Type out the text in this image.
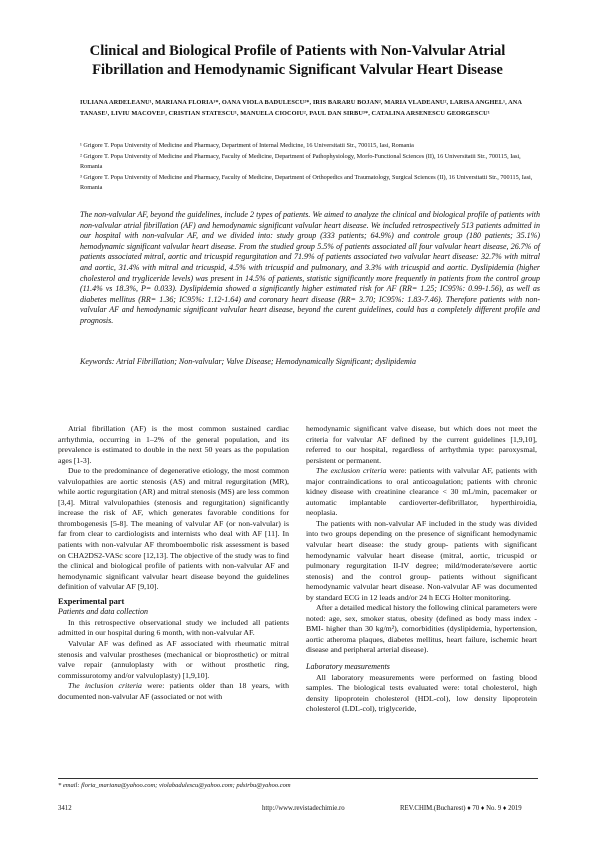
Clinical and Biological Profile of Patients with Non-Valvular Atrial Fibrillation and Hemodynamic Significant Valvular Heart Disease
IULIANA ARDELEANU¹, MARIANA FLORIA¹*, OANA VIOLA BADULESCU²*, IRIS BARARU BOJAN², MARIA VLADEANU², LARISA ANGHEL¹, ANA TANASE¹, LIVIU MACOVEI¹, CRISTIAN STATESCU¹, MANUELA CIOCOIU², PAUL DAN SIRBU³*, CATALINA ARSENESCU GEORGESCU¹

¹ Grigore T. Popa University of Medicine and Pharmacy, Department of Internal Medicine, 16 Universitatii Str., 700115, Iasi, Romania

² Grigore T. Popa University of Medicine and Pharmacy, Faculty of Medicine, Department of Pathophysiology, Morfo-Functional Sciences (II), 16 Universitatii Str., 700115, Iasi, Romania

³ Grigore T. Popa University of Medicine and Pharmacy, Faculty of Medicine, Department of Orthopedics and Traumatology, Surgical Sciences (II), 16 Universitatii Str., 700115, Iasi, Romania

The non-valvular AF, beyond the guidelines, include 2 types of patients. We aimed to analyze the clinical and biological profile of patients with non-valvular atrial fibrillation (AF) and hemodynamic significant valvular heart disease. We included retrospectively 513 patients admitted in our hospital with non-valvular AF, and we divided into: study group (333 patients; 64.9%) and controle group (180 patients; 35.1%) hemodynamic significant valvular heart disease. From the studied group 5.5% of patients associated all four valvular heart disease, 26.7% of patients associated mitral, aortic and tricuspid regurgitation and 71.9% of patients associated two valvular heart disease: 32.7% with mitral and aortic, 31.4% with mitral and tricuspid, 4.5% with tricuspid and pulmonary, and 3.3% with tricuspid and aortic. Dyslipidemia (higher cholesterol and trygliceride levels) was present in 14.5% of patients, statistic significantly more frequently in patients from the control group (11.4% vs 18.3%, P= 0.033). Dyslipidemia showed a significantly higher estimated risk for AF (RR= 1.25; IC95%: 0.99-1.56), as well as diabetes mellitus (RR= 1.36; IC95%: 1.12-1.64) and coronary heart disease (RR= 3.70; IC95%: 1.83-7.46). Therefore patients with non-valvular AF and hemodynamic significant valvular heart disease, beyond the curent guidelines, could has a completely different profile and prognosis.
Keywords: Atrial Fibrillation; Non-valvular; Valve Disease; Hemodynamically Significant; dyslipidemia

Atrial fibrillation (AF) is the most common sustained cardiac arrhythmia, occurring in 1–2% of the general population, and its prevalence is estimated to double in the next 50 years as the population ages [1-3].

Due to the predominance of degenerative etiology, the most common valvulopathies are aortic stenosis (AS) and mitral regurgitation (MR), while aortic regurgitation (AR) and mitral stenosis (MS) are less common [3,4]. Mitral valvulopathies (stenosis and regurgitation) significantly increase the risk of AF, which generates favorable conditions for thrombogenesis [5-8]. The meaning of valvular AF (or non-valvular) is far from clear to cardiologists and internists who deal with AF [11]. In patients with non-valvular AF thromboembolic risk assessment is based on CHA2DS2-VASc score [12,13]. The objective of the study was to find the clinical and biological profile of patients with non-valvular AF and hemodynamic significant valvular heart disease beyond the guidelines definition of valvular AF [9,10].

Experimental part
Patients and data collection

In this retrospective observational study we included all patients admitted in our hospital during 6 month, with non-valvular AF.

Valvular AF was defined as AF associated with rheumatic mitral stenosis and valvular prostheses (mechanical or bioprosthetic) or mitral valve repair (annuloplasty with or without prosthetic ring, commissurotomy and/or valvuloplasty) [1,9,10].

The inclusion criteria were: patients older than 18 years, with documented non-valvular AF (associated or not with

hemodynamic significant valve disease, but which does not meet the criteria for valvular AF defined by the current guidelines [1,9,10], referred to our hospital, regardless of arrhythmia type: paroxysmal, persistent or permanent.

The exclusion criteria were: patients with valvular AF, patients with major contraindications to oral anticoagulation; patients with chronic kidney disease with creatinine clearance < 30 mL/min, pacemaker or automatic implantable cardioverter-defibrillator, hyperthiroidia, neoplasia.

The patients with non-valvular AF included in the study was divided into two groups depending on the presence of significant hemodynamic valvular heart disease: the study group- patients with significant hemodynamic valvular heart disease (mitral, aortic, tricuspid or pulmonary regurgitation II-IV degree; mild/moderate/severe aortic stenosis) and the control group- patients without significant hemodynamic valvular heart disease. Non-valvular AF was documented by standard ECG in 12 leads and/or 24 h ECG Holter monitoring.

After a detailed medical history the following clinical parameters were noted: age, sex, smoker status, obesity (defined as body mass index - BMI- higher than 30 kg/m²), comorbidities (dyslipidemia, hypertension, aortic atheroma plaques, diabetes mellitus, heart failure, ischemic heart disease and peripheral arterial disease).

Laboratory measurements

All laboratory measurements were performed on fasting blood samples. The biological tests evaluated were: total cholesterol, high density lipoprotein cholesterol (HDL-col), low density lipoprotein cholesterol (LDL-col), triglyceride,

* email: floria_mariana@yahoo.com; violabadulescu@yahoo.com; pdsirbu@yahoo.com
3412	http://www.revistadechimie.ro	REV.CHIM.(Bucharest) ♦ 70 ♦ No. 9 ♦ 2019
